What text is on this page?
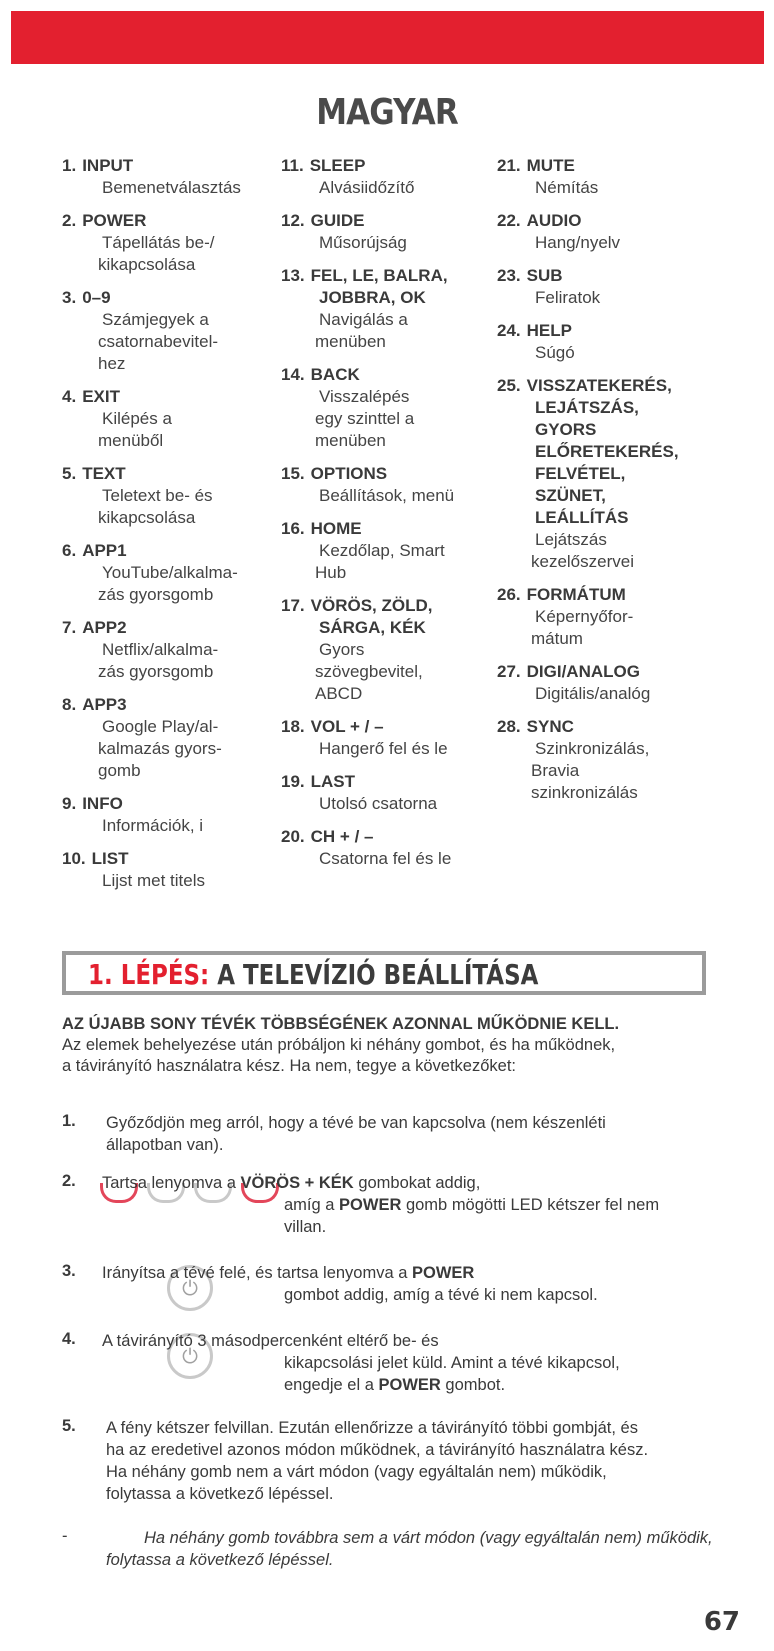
MAGYAR
1. INPUT
Bemenetválasztás
2. POWER
Tápellátás be-/
kikapcsolása
3. 0–9
Számjegyek a
csatornabevitel-
hez
4. EXIT
Kilépés a
menüből
5. TEXT
Teletext be- és
kikapcsolása
6. APP1
YouTube/alkalma-
zás gyorsgomb
7. APP2
Netflix/alkalma-
zás gyorsgomb
8. APP3
Google Play/al-
kalmazás gyors-
gomb
9. INFO
Információk, i
10. LIST
Lijst met titels
11. SLEEP
Alvásiidőzítő
12. GUIDE
Műsorújság
13. FEL, LE, BALRA,
JOBBRA, OK
Navigálás a
menüben
14. BACK
Visszalépés
egy szinttel a
menüben
15. OPTIONS
Beállítások, menü
16. HOME
Kezdőlap, Smart
Hub
17. VÖRÖS, ZÖLD,
SÁRGA, KÉK
Gyors
szövegbevitel,
ABCD
18. VOL + / –
Hangerő fel és le
19. LAST
Utolsó csatorna
20. CH + / –
Csatorna fel és le
21. MUTE
Némítás
22. AUDIO
Hang/nyelv
23. SUB
Feliratok
24. HELP
Súgó
25. VISSZATEKERÉS,
LEJÁTSZÁS,
GYORS
ELŐRETEKERÉS,
FELVÉTEL,
SZÜNET,
LEÁLLÍTÁS
Lejátszás
kezelőszervei
26. FORMÁTUM
Képernyőfor-
mátum
27. DIGI/ANALOG
Digitális/analóg
28. SYNC
Szinkronizálás,
Bravia
szinkronizálás
1. LÉPÉS: A TELEVÍZIÓ BEÁLLÍTÁSA
AZ ÚJABB SONY TÉVÉK TÖBBSÉGÉNEK AZONNAL MŰKÖDNIE KELL.
Az elemek behelyezése után próbáljon ki néhány gombot, és ha működnek,
a távirányító használatra kész. Ha nem, tegye a következőket:
1. Győződjön meg arról, hogy a tévé be van kapcsolva (nem készenléti
állapotban van).
2. Tartsa lenyomva a VÖRÖS + KÉK gombokat addig,
amíg a POWER gomb mögötti LED kétszer fel nem
villan.
3.
⏻
Irányítsa a tévé felé, és tartsa lenyomva a POWER
gombot addig, amíg a tévé ki nem kapcsol.
4.
⏻
A távirányító 3 másodpercenként eltérő be- és
kikapcsolási jelet küld. Amint a tévé kikapcsol,
engedje el a POWER gombot.
5. A fény kétszer felvillan. Ezután ellenőrizze a távirányító többi gombját, és
ha az eredetivel azonos módon működnek, a távirányító használatra kész.
Ha néhány gomb nem a várt módon (vagy egyáltalán nem) működik,
folytassa a következő lépéssel.
-	Ha néhány gomb továbbra sem a várt módon (vagy egyáltalán nem) működik, folytassa a következő lépéssel.
67
